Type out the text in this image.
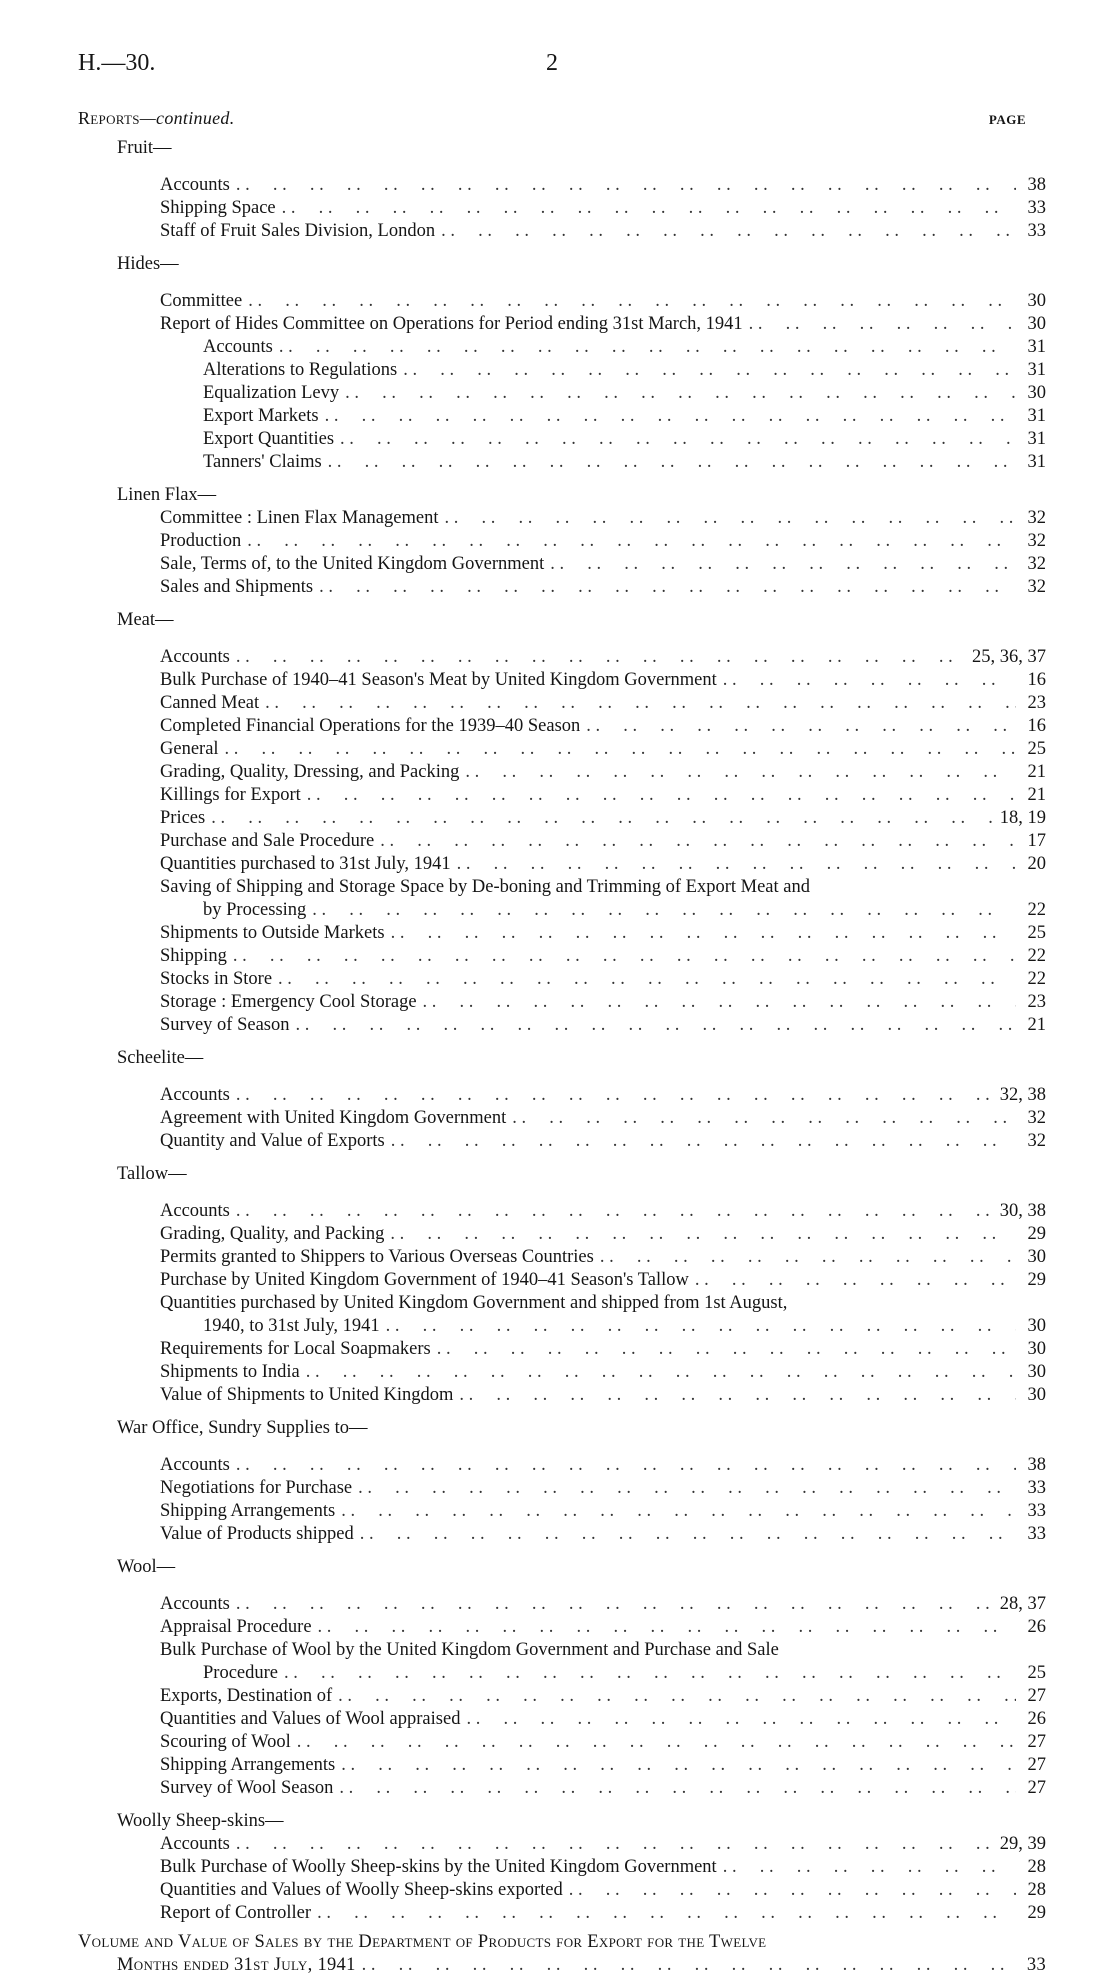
H.—30.	2
Reports—continued.	PAGE
Fruit—
Accounts . .	38
Shipping Space . .	33
Staff of Fruit Sales Division, London . .	33
Hides—
Committee . .	30
Report of Hides Committee on Operations for Period ending 31st March, 1941 . .	30
Accounts . .	31
Alterations to Regulations . .	31
Equalization Levy . .	30
Export Markets . .	31
Export Quantities . .	31
Tanners' Claims . .	31
Linen Flax—
Committee : Linen Flax Management . .	32
Production . .	32
Sale, Terms of, to the United Kingdom Government . .	32
Sales and Shipments . .	32
Meat—
Accounts . .	25, 36, 37
Bulk Purchase of 1940–41 Season's Meat by United Kingdom Government . .	16
Canned Meat . .	23
Completed Financial Operations for the 1939–40 Season . .	16
General . .	25
Grading, Quality, Dressing, and Packing . .	21
Killings for Export . .	21
Prices . .	18, 19
Purchase and Sale Procedure . .	17
Quantities purchased to 31st July, 1941 . .	20
Saving of Shipping and Storage Space by De-boning and Trimming of Export Meat and
by Processing . .	22
Shipments to Outside Markets . .	25
Shipping . .	22
Stocks in Store . .	22
Storage : Emergency Cool Storage . .	23
Survey of Season . .	21
Scheelite—
Accounts . .	32, 38
Agreement with United Kingdom Government . .	32
Quantity and Value of Exports . .	32
Tallow—
Accounts . .	30, 38
Grading, Quality, and Packing . .	29
Permits granted to Shippers to Various Overseas Countries . .	30
Purchase by United Kingdom Government of 1940–41 Season's Tallow . .	29
Quantities purchased by United Kingdom Government and shipped from 1st August,
1940, to 31st July, 1941 . .	30
Requirements for Local Soapmakers . .	30
Shipments to India . .	30
Value of Shipments to United Kingdom . .	30
War Office, Sundry Supplies to—
Accounts . .	38
Negotiations for Purchase . .	33
Shipping Arrangements . .	33
Value of Products shipped . .	33
Wool—
Accounts . .	28, 37
Appraisal Procedure . .	26
Bulk Purchase of Wool by the United Kingdom Government and Purchase and Sale
Procedure . .	25
Exports, Destination of . .	27
Quantities and Values of Wool appraised . .	26
Scouring of Wool . .	27
Shipping Arrangements . .	27
Survey of Wool Season . .	27
Woolly Sheep-skins—
Accounts . .	29, 39
Bulk Purchase of Woolly Sheep-skins by the United Kingdom Government . .	28
Quantities and Values of Woolly Sheep-skins exported . .	28
Report of Controller . .	29
Volume and Value of Sales by the Department of Products for Export for the Twelve
Months ended 31st July, 1941 . .	33
